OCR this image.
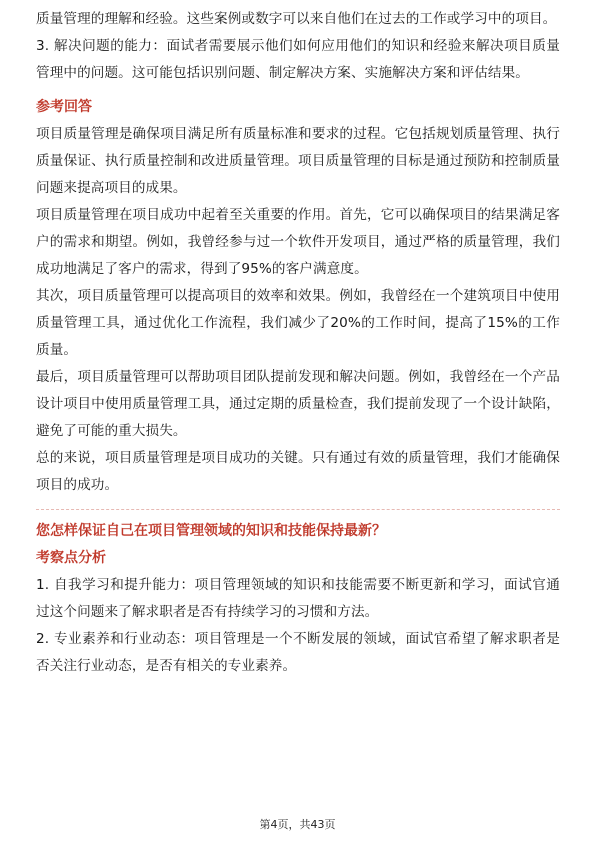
质量管理的理解和经验。这些案例或数字可以来自他们在过去的工作或学习中的项目。

3. 解决问题的能力：面试者需要展示他们如何应用他们的知识和经验来解决项目质量管理中的问题。这可能包括识别问题、制定解决方案、实施解决方案和评估结果。

参考回答

项目质量管理是确保项目满足所有质量标准和要求的过程。它包括规划质量管理、执行质量保证、执行质量控制和改进质量管理。项目质量管理的目标是通过预防和控制质量问题来提高项目的成果。

项目质量管理在项目成功中起着至关重要的作用。首先，它可以确保项目的结果满足客户的需求和期望。例如，我曾经参与过一个软件开发项目，通过严格的质量管理，我们成功地满足了客户的需求，得到了95%的客户满意度。

其次，项目质量管理可以提高项目的效率和效果。例如，我曾经在一个建筑项目中使用质量管理工具，通过优化工作流程，我们减少了20%的工作时间，提高了15%的工作质量。

最后，项目质量管理可以帮助项目团队提前发现和解决问题。例如，我曾经在一个产品设计项目中使用质量管理工具，通过定期的质量检查，我们提前发现了一个设计缺陷，避免了可能的重大损失。

总的来说，项目质量管理是项目成功的关键。只有通过有效的质量管理，我们才能确保项目的成功。

您怎样保证自己在项目管理领域的知识和技能保持最新？

考察点分析

1. 自我学习和提升能力：项目管理领域的知识和技能需要不断更新和学习，面试官通过这个问题来了解求职者是否有持续学习的习惯和方法。

2. 专业素养和行业动态：项目管理是一个不断发展的领域，面试官希望了解求职者是否关注行业动态，是否有相关的专业素养。

第4页，共43页
